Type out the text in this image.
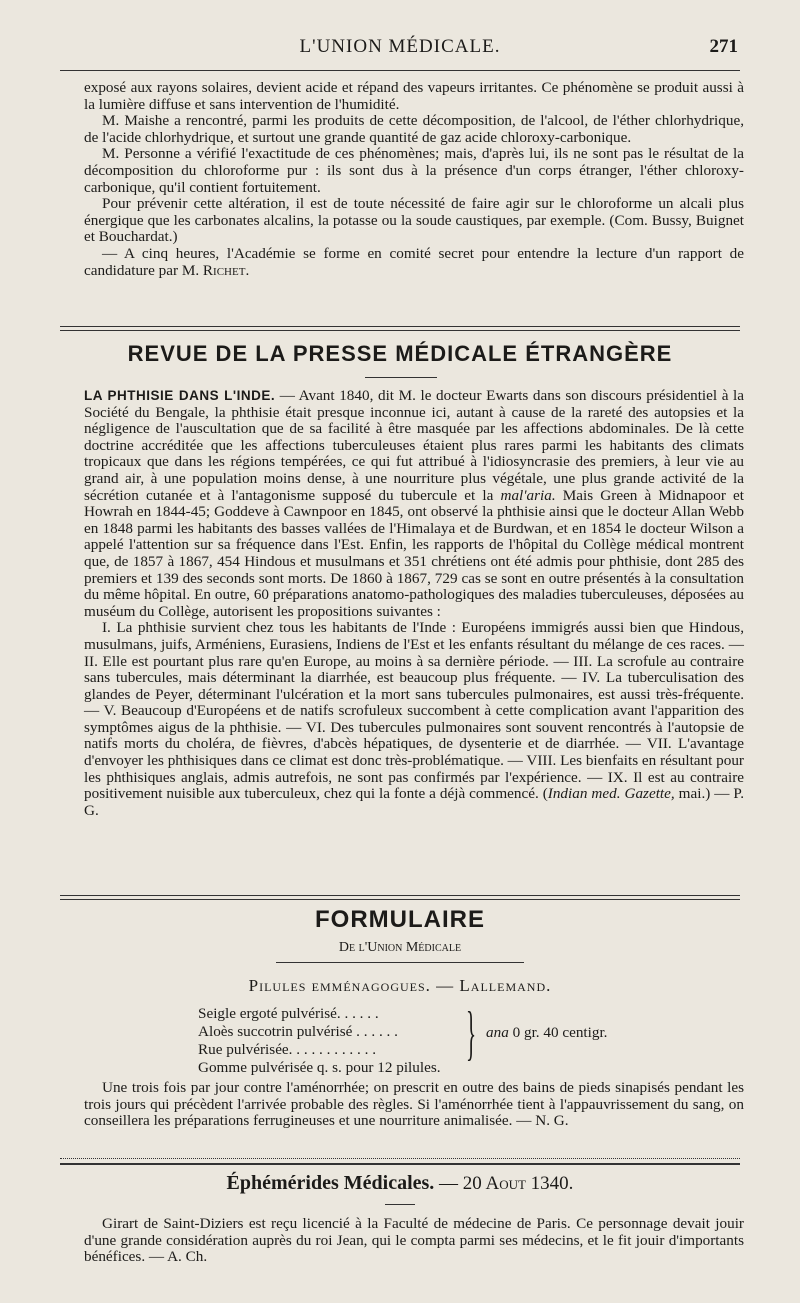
L'UNION MÉDICALE.	271

exposé aux rayons solaires, devient acide et répand des vapeurs irritantes. Ce phénomène se produit aussi à la lumière diffuse et sans intervention de l'humidité.

M. Maishe a rencontré, parmi les produits de cette décomposition, de l'alcool, de l'éther chlorhydrique, de l'acide chlorhydrique, et surtout une grande quantité de gaz acide chloroxy-carbonique.

M. Personne a vérifié l'exactitude de ces phénomènes; mais, d'après lui, ils ne sont pas le résultat de la décomposition du chloroforme pur : ils sont dus à la présence d'un corps étranger, l'éther chloroxy-carbonique, qu'il contient fortuitement.

Pour prévenir cette altération, il est de toute nécessité de faire agir sur le chloroforme un alcali plus énergique que les carbonates alcalins, la potasse ou la soude caustiques, par exemple. (Com. Bussy, Buignet et Bouchardat.)

— A cinq heures, l'Académie se forme en comité secret pour entendre la lecture d'un rapport de candidature par M. Richet.

REVUE DE LA PRESSE MÉDICALE ÉTRANGÈRE

LA PHTHISIE DANS L'INDE. — Avant 1840, dit M. le docteur Ewarts dans son discours présidentiel à la Société du Bengale, la phthisie était presque inconnue ici, autant à cause de la rareté des autopsies et la négligence de l'auscultation que de sa facilité à être masquée par les affections abdominales. De là cette doctrine accréditée que les affections tuberculeuses étaient plus rares parmi les habitants des climats tropicaux que dans les régions tempérées, ce qui fut attribué à l'idiosyncrasie des premiers, à leur vie au grand air, à une population moins dense, à une nourriture plus végétale, une plus grande activité de la sécrétion cutanée et à l'antagonisme supposé du tubercule et la mal'aria. Mais Green à Midnapoor et Howrah en 1844-45; Goddeve à Cawnpoor en 1845, ont observé la phthisie ainsi que le docteur Allan Webb en 1848 parmi les habitants des basses vallées de l'Himalaya et de Burdwan, et en 1854 le docteur Wilson a appelé l'attention sur sa fréquence dans l'Est. Enfin, les rapports de l'hôpital du Collège médical montrent que, de 1857 à 1867, 454 Hindous et musulmans et 351 chrétiens ont été admis pour phthisie, dont 285 des premiers et 139 des seconds sont morts. De 1860 à 1867, 729 cas se sont en outre présentés à la consultation du même hôpital. En outre, 60 préparations anatomo-pathologiques des maladies tuberculeuses, déposées au muséum du Collège, autorisent les propositions suivantes :

I. La phthisie survient chez tous les habitants de l'Inde : Européens immigrés aussi bien que Hindous, musulmans, juifs, Arméniens, Eurasiens, Indiens de l'Est et les enfants résultant du mélange de ces races. — II. Elle est pourtant plus rare qu'en Europe, au moins à sa dernière période. — III. La scrofule au contraire sans tubercules, mais déterminant la diarrhée, est beaucoup plus fréquente. — IV. La tuberculisation des glandes de Peyer, déterminant l'ulcération et la mort sans tubercules pulmonaires, est aussi très-fréquente. — V. Beaucoup d'Européens et de natifs scrofuleux succombent à cette complication avant l'apparition des symptômes aigus de la phthisie. — VI. Des tubercules pulmonaires sont souvent rencontrés à l'autopsie de natifs morts du choléra, de fièvres, d'abcès hépatiques, de dysenterie et de diarrhée. — VII. L'avantage d'envoyer les phthisiques dans ce climat est donc très-problématique. — VIII. Les bienfaits en résultant pour les phthisiques anglais, admis autrefois, ne sont pas confirmés par l'expérience. — IX. Il est au contraire positivement nuisible aux tuberculeux, chez qui la fonte a déjà commencé. (Indian med. Gazette, mai.) — P. G.

FORMULAIRE
De l'Union Médicale
Pilules emménagogues. — Lallemand.
Seigle ergoté pulvérisé. . . . . .
Aloès succotrin pulvérisé . . . . . .
Rue pulvérisée. . . . . . . . . . . .
Gomme pulvérisée q. s. pour 12 pilules.
} ana 0 gr. 40 centigr.

Une trois fois par jour contre l'aménorrhée; on prescrit en outre des bains de pieds sinapisés pendant les trois jours qui précèdent l'arrivée probable des règles. Si l'aménorrhée tient à l'appauvrissement du sang, on conseillera les préparations ferrugineuses et une nourriture animalisée. — N. G.

Éphémérides Médicales. — 20 Aout 1340.

Girart de Saint-Diziers est reçu licencié à la Faculté de médecine de Paris. Ce personnage devait jouir d'une grande considération auprès du roi Jean, qui le compta parmi ses médecins, et le fit jouir d'importants bénéfices. — A. Ch.
